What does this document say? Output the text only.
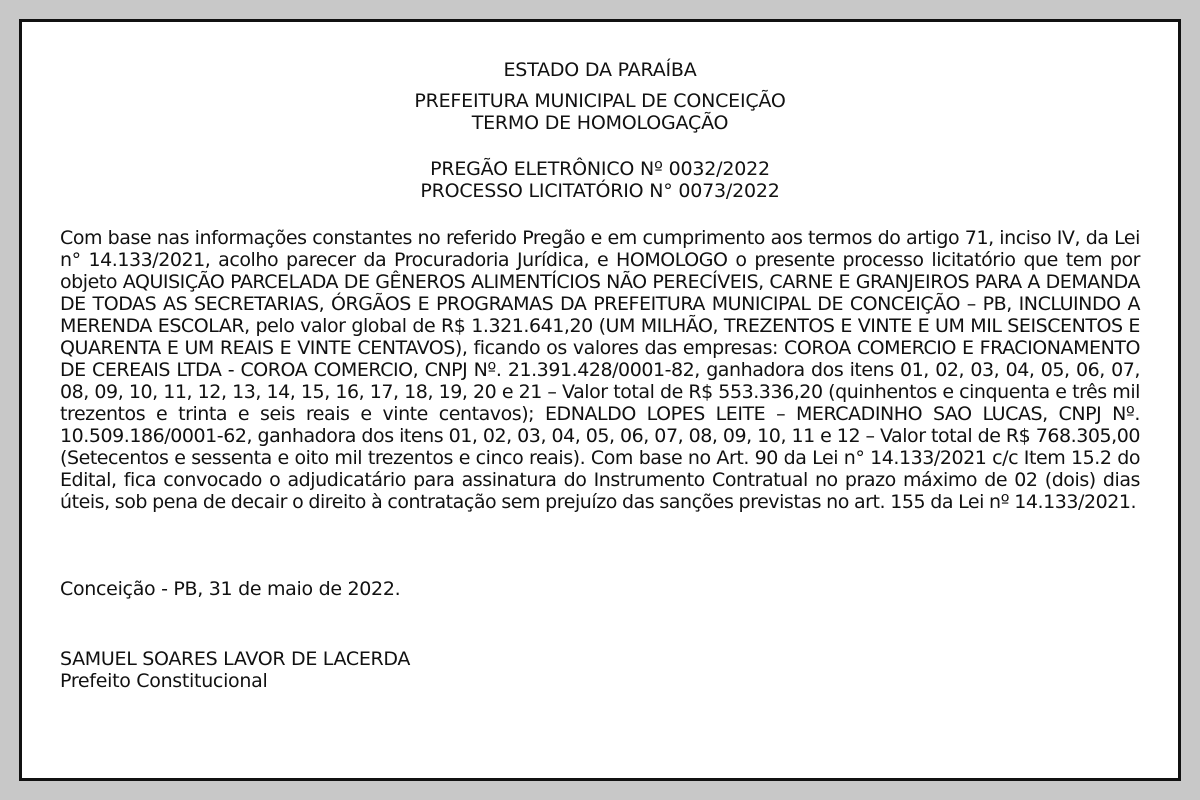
ESTADO DA PARAÍBA
PREFEITURA MUNICIPAL DE CONCEIÇÃO
TERMO DE HOMOLOGAÇÃO
PREGÃO ELETRÔNICO Nº 0032/2022
PROCESSO LICITATÓRIO N° 0073/2022

Com base nas informações constantes no referido Pregão e em cumprimento aos termos do artigo 71, inciso IV, da Lei n° 14.133/2021, acolho parecer da Procuradoria Jurídica, e HOMOLOGO o presente processo licitatório que tem por objeto AQUISIÇÃO PARCELADA DE GÊNEROS ALIMENTÍCIOS NÃO PERECÍVEIS, CARNE E GRANJEIROS PARA A DEMANDA DE TODAS AS SECRETARIAS, ÓRGÃOS E PROGRAMAS DA PREFEITURA MUNICIPAL DE CONCEIÇÃO – PB, INCLUINDO A MERENDA ESCOLAR, pelo valor global de R$ 1.321.641,20 (UM MILHÃO, TREZENTOS E VINTE E UM MIL SEISCENTOS E QUARENTA E UM REAIS E VINTE CENTAVOS), ficando os valores das empresas: COROA COMERCIO E FRACIONAMENTO DE CEREAIS LTDA - COROA COMERCIO, CNPJ Nº. 21.391.428/0001-82, ganhadora dos itens 01, 02, 03, 04, 05, 06, 07, 08, 09, 10, 11, 12, 13, 14, 15, 16, 17, 18, 19, 20 e 21 – Valor total de R$ 553.336,20 (quinhentos e cinquenta e três mil trezentos e trinta e seis reais e vinte centavos); EDNALDO LOPES LEITE – MERCADINHO SAO LUCAS, CNPJ Nº. 10.509.186/0001-62, ganhadora dos itens 01, 02, 03, 04, 05, 06, 07, 08, 09, 10, 11 e 12 – Valor total de R$ 768.305,00 (Setecentos e sessenta e oito mil trezentos e cinco reais). Com base no Art. 90 da Lei n° 14.133/2021 c/c Item 15.2 do Edital, fica convocado o adjudicatário para assinatura do Instrumento Contratual no prazo máximo de 02 (dois) dias úteis, sob pena de decair o direito à contratação sem prejuízo das sanções previstas no art. 155 da Lei nº 14.133/2021.

Conceição - PB, 31 de maio de 2022.
SAMUEL SOARES LAVOR DE LACERDA
Prefeito Constitucional
